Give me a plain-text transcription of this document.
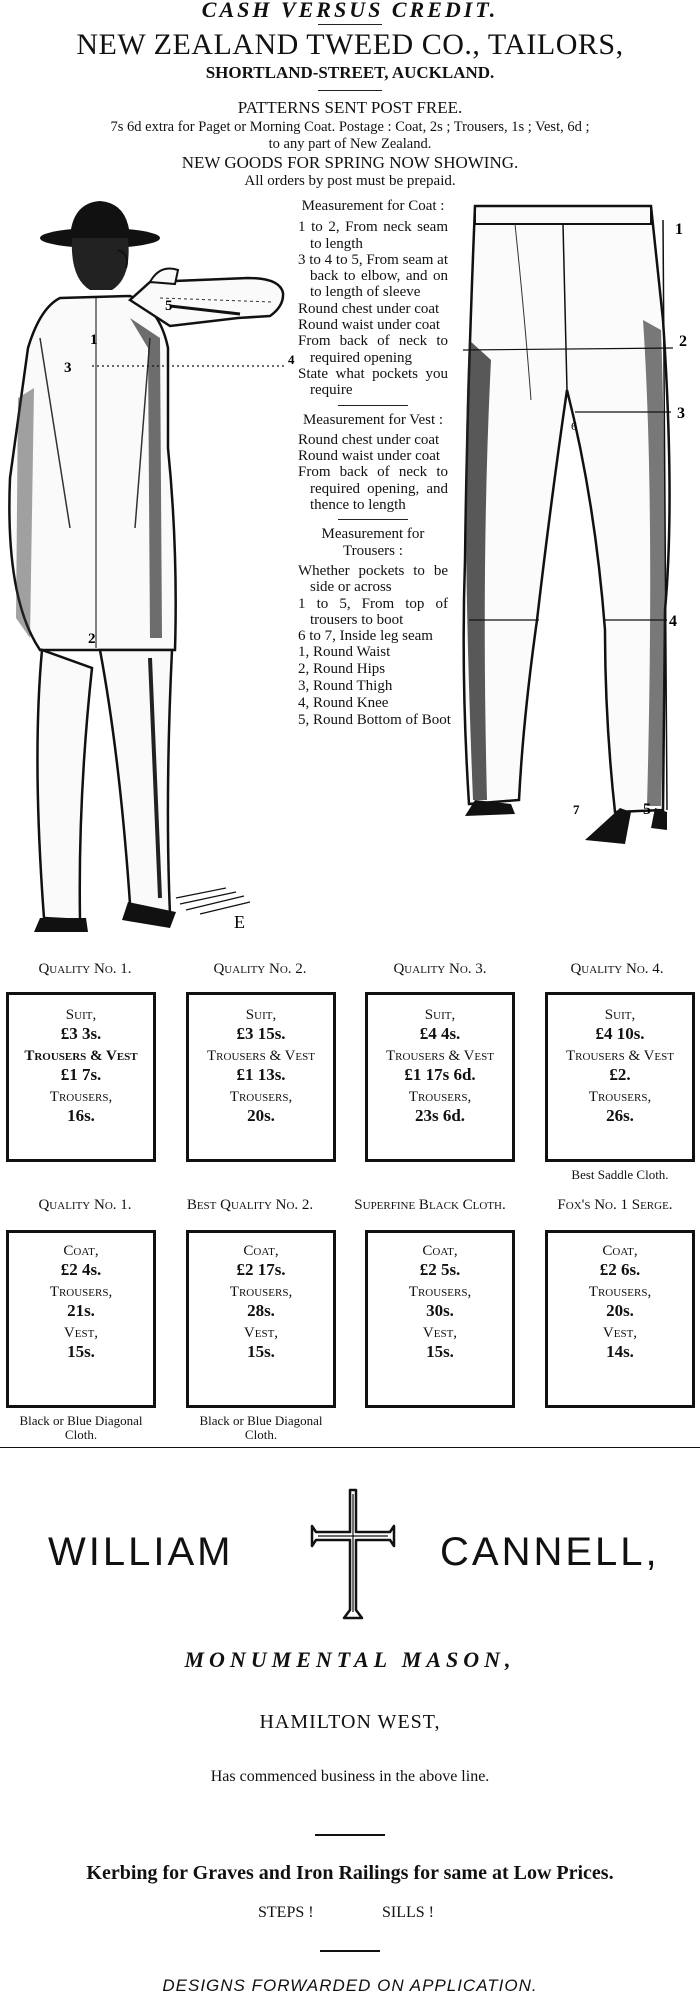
CASH VERSUS CREDIT.
NEW ZEALAND TWEED CO., TAILORS,
SHORTLAND-STREET, AUCKLAND.
PATTERNS SENT POST FREE.
7s 6d extra for Paget or Morning Coat. Postage : Coat, 2s ; Trousers, 1s ; Vest, 6d ;
to any part of New Zealand.
NEW GOODS FOR SPRING NOW SHOWING.
All orders by post must be prepaid.
1
2
3
4
5
E
Measurement for Coat :
1 to 2, From neck seam to length
3 to 4 to 5, From seam at back to elbow, and on to length of sleeve
Round chest under coat
Round waist under coat
From back of neck to required opening
State what pockets you require
Measurement for Vest :
Round chest under coat
Round waist under coat
From back of neck to required opening, and thence to length
Measurement for Trousers :
Whether pockets to be side or across
1 to 5, From top of trousers to boot
6 to 7, Inside leg seam
1, Round Waist
2, Round Hips
3, Round Thigh
4, Round Knee
5, Round Bottom of Boot
1
2
3
4
5
6
7
Quality No. 1.	Quality No. 2.	Quality No. 3.	Quality No. 4.
Suit,
£3 3s.
Trousers & Vest
£1 7s.
Trousers,
16s.
Suit,
£3 15s.
Trousers & Vest
£1 13s.
Trousers,
20s.
Suit,
£4 4s.
Trousers & Vest
£1 17s 6d.
Trousers,
23s 6d.
Suit,
£4 10s.
Trousers & Vest
£2.
Trousers,
26s.
Best Saddle Cloth.
Quality No. 1.	Best Quality No. 2.	Superfine Black Cloth.	Fox's No. 1 Serge.
Coat,
£2 4s.
Trousers,
21s.
Vest,
15s.
Coat,
£2 17s.
Trousers,
28s.
Vest,
15s.
Coat,
£2 5s.
Trousers,
30s.
Vest,
15s.
Coat,
£2 6s.
Trousers,
20s.
Vest,
14s.
Black or Blue Diagonal Cloth.
Black or Blue Diagonal Cloth.
WILLIAM	CANNELL,
MONUMENTAL MASON,
HAMILTON WEST,
Has commenced business in the above line.
Kerbing for Graves and Iron Railings for same at Low Prices.
STEPS !	SILLS !
DESIGNS FORWARDED ON APPLICATION.
